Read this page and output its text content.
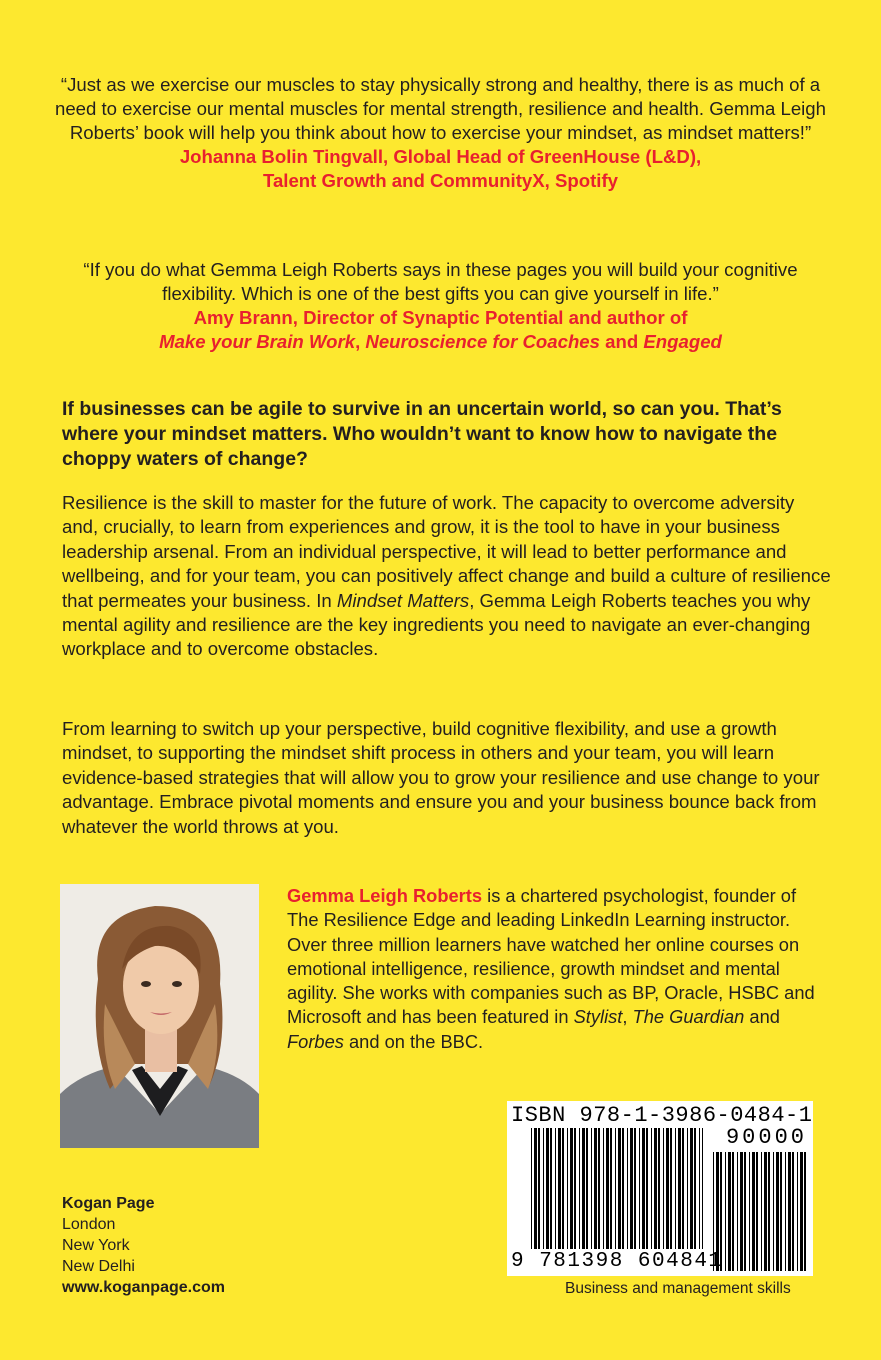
“Just as we exercise our muscles to stay physically strong and healthy, there is as much of a need to exercise our mental muscles for mental strength, resilience and health. Gemma Leigh Roberts’ book will help you think about how to exercise your mindset, as mindset matters!”
Johanna Bolin Tingvall, Global Head of GreenHouse (L&D),
Talent Growth and CommunityX, Spotify
“If you do what Gemma Leigh Roberts says in these pages you will build your cognitive flexibility. Which is one of the best gifts you can give yourself in life.”
Amy Brann, Director of Synaptic Potential and author of
Make your Brain Work, Neuroscience for Coaches and Engaged
If businesses can be agile to survive in an uncertain world, so can you. That’s where your mindset matters. Who wouldn’t want to know how to navigate the choppy waters of change?
Resilience is the skill to master for the future of work. The capacity to overcome adversity and, crucially, to learn from experiences and grow, it is the tool to have in your business leadership arsenal. From an individual perspective, it will lead to better performance and wellbeing, and for your team, you can positively affect change and build a culture of resilience that permeates your business. In Mindset Matters, Gemma Leigh Roberts teaches you why mental agility and resilience are the key ingredients you need to navigate an ever-changing workplace and to overcome obstacles.
From learning to switch up your perspective, build cognitive flexibility, and use a growth mindset, to supporting the mindset shift process in others and your team, you will learn evidence-based strategies that will allow you to grow your resilience and use change to your advantage. Embrace pivotal moments and ensure you and your business bounce back from whatever the world throws at you.
Gemma Leigh Roberts is a chartered psychologist, founder of The Resilience Edge and leading LinkedIn Learning instructor. Over three million learners have watched her online courses on emotional intelligence, resilience, growth mindset and mental agility. She works with companies such as BP, Oracle, HSBC and Microsoft and has been featured in Stylist, The Guardian and Forbes and on the BBC.
Kogan Page
London
New York
New Delhi
www.koganpage.com
ISBN 978-1-3986-0484-1
90000
9 781398 604841
Business and management skills
